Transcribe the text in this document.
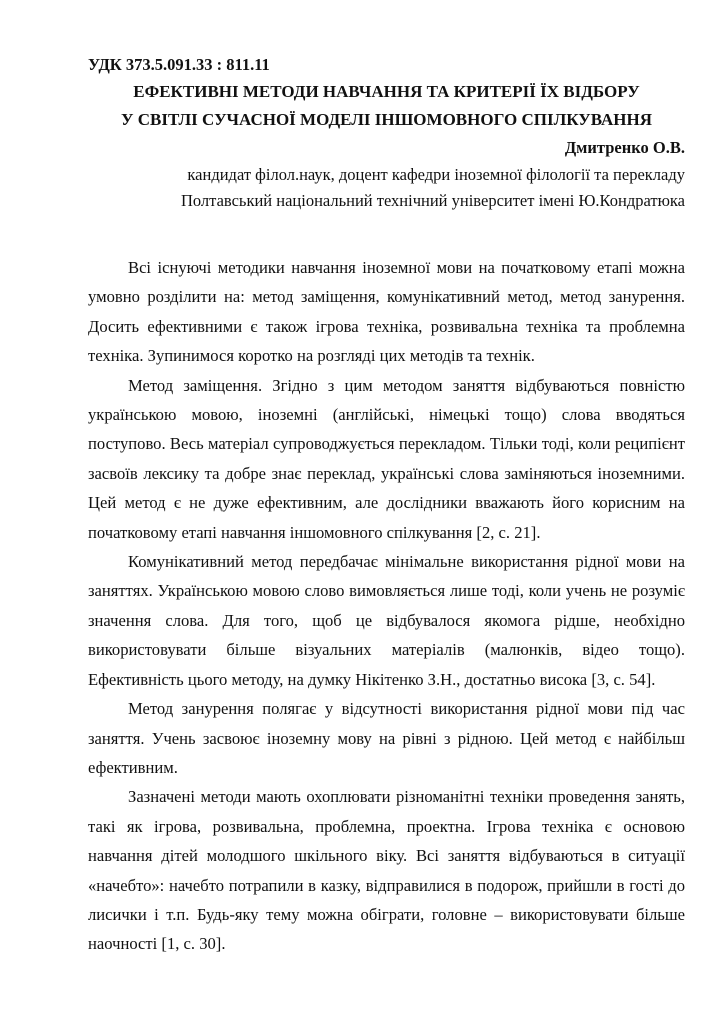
УДК 373.5.091.33 : 811.11

ЕФЕКТИВНІ МЕТОДИ НАВЧАННЯ ТА КРИТЕРІЇ ЇХ ВІДБОРУ
У СВІТЛІ СУЧАСНОЇ МОДЕЛІ ІНШОМОВНОГО СПІЛКУВАННЯ

Дмитренко О.В.

кандидат філол.наук, доцент кафедри іноземної філології та перекладу

Полтавський національний технічний університет імені Ю.Кондратюка

Всі існуючі методики навчання іноземної мови на початковому етапі можна умовно розділити на: метод заміщення, комунікативний метод, метод занурення. Досить ефективними є також ігрова техніка, розвивальна техніка та проблемна техніка. Зупинимося коротко на розгляді цих методів та технік.

Метод заміщення. Згідно з цим методом заняття відбуваються повністю українською мовою, іноземні (англійські, німецькі тощо) слова вводяться поступово. Весь матеріал супроводжується перекладом. Тільки тоді, коли реципієнт засвоїв лексику та добре знає переклад, українські слова заміняються іноземними. Цей метод є не дуже ефективним, але дослідники вважають його корисним на початковому етапі навчання іншомовного спілкування [2, с. 21].

Комунікативний метод передбачає мінімальне використання рідної мови на заняттях. Українською мовою слово вимовляється лише тоді, коли учень не розуміє значення слова. Для того, щоб це відбувалося якомога рідше, необхідно використовувати більше візуальних матеріалів (малюнків, відео тощо). Ефективність цього методу, на думку Нікітенко З.Н., достатньо висока [3, с. 54].

Метод занурення полягає у відсутності використання рідної мови під час заняття. Учень засвоює іноземну мову на рівні з рідною. Цей метод є найбільш ефективним.

Зазначені методи мають охоплювати різноманітні техніки проведення занять, такі як ігрова, розвивальна, проблемна, проектна. Ігрова техніка є основою навчання дітей молодшого шкільного віку. Всі заняття відбуваються в ситуації «начебто»: начебто потрапили в казку, відправилися в подорож, прийшли в гості до лисички і т.п. Будь-яку тему можна обіграти, головне – використовувати більше наочності [1, с. 30].
